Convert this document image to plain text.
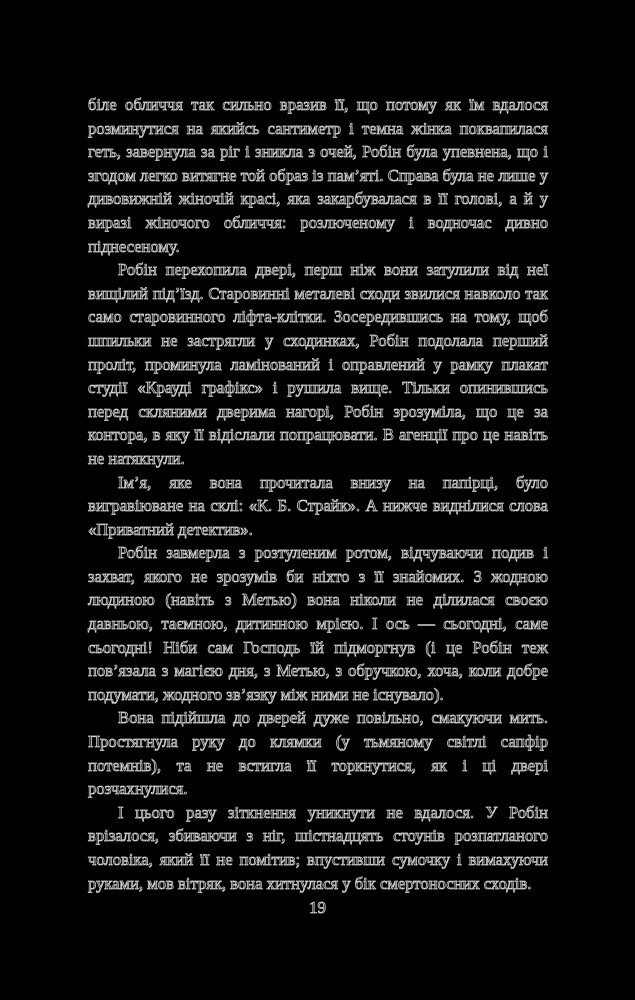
біле обличчя так сильно вразив її, що потому як їм вдалося розминутися на якийсь сантиметр і темна жінка поквапилася геть, завернула за ріг і зникла з очей, Робін була упевнена, що і згодом легко витягне той образ із пам’яті. Справа була не лише у дивовижній жіночій красі, яка закарбувалася в її голові, а й у виразі жіночого обличчя: розлюченому і водночас дивно піднесеному.

Робін перехопила двері, перш ніж вони затулили від неї вищілий під’їзд. Старовинні металеві сходи звилися навколо так само старовинного ліфта-клітки. Зосередившись на тому, щоб шпильки не застрягли у сходинках, Робін подолала перший проліт, проминула ламінований і оправлений у рамку плакат студії «Краудi графікс» і рушила вище. Тільки опинившись перед скляними дверима нагорі, Робін зрозуміла, що це за контора, в яку її відіслали попрацювати. В агенції про це навіть не натякнули.

Ім’я, яке вона прочитала внизу на папірці, було вигравіюване на склі: «К. Б. Страйк». А нижче виднілися слова «Приватний детектив».

Робін завмерла з розтуленим ротом, відчуваючи подив і захват, якого не зрозумів би ніхто з її знайомих. З жодною людиною (навіть з Метью) вона ніколи не ділилася своєю давньою, таємною, дитинною мрією. І ось — сьогодні, саме сьогодні! Ніби сам Господь їй підморгнув (і це Робін теж пов’язала з магією дня, з Метью, з обручкою, хоча, коли добре подумати, жодного зв’язку між ними не існувало).

Вона підійшла до дверей дуже повільно, смакуючи мить. Простягнула руку до клямки (у тьмяному світлі сапфір потемнів), та не встигла її торкнутися, як і ці двері розчахнулися.

І цього разу зіткнення уникнути не вдалося. У Робін врізалося, збиваючи з ніг, шістнадцять стоунів розпатланого чоловіка, який її не помітив; впустивши сумочку і вимахуючи руками, мов вітряк, вона хитнулася у бік смертоносних сходів.

19
